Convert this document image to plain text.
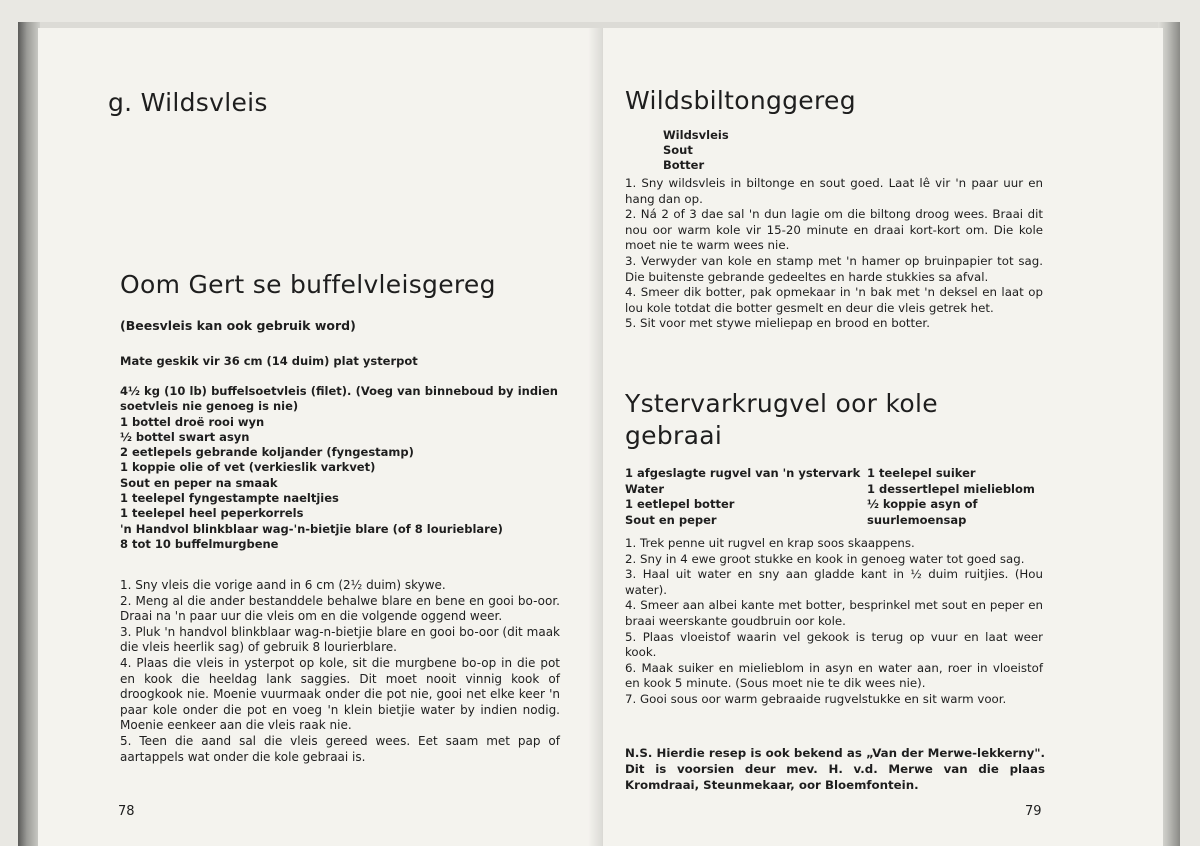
g. Wildsvleis
Oom Gert se buffelvleisgereg

(Beesvleis kan ook gebruik word)

Mate geskik vir 36 cm (14 duim) plat ysterpot

4½ kg (10 lb) buffelsoetvleis (filet). (Voeg van binneboud by indien soetvleis nie genoeg is nie)
1 bottel droë rooi wyn
½ bottel swart asyn
2 eetlepels gebrande koljander (fyngestamp)
1 koppie olie of vet (verkieslik varkvet)
Sout en peper na smaak
1 teelepel fyngestampte naeltjies
1 teelepel heel peperkorrels
'n Handvol blinkblaar wag-'n-bietjie blare (of 8 lourieblare)
8 tot 10 buffelmurgbene
1. Sny vleis die vorige aand in 6 cm (2½ duim) skywe.
2. Meng al die ander bestanddele behalwe blare en bene en gooi bo-oor. Draai na 'n paar uur die vleis om en die volgende oggend weer.
3. Pluk 'n handvol blinkblaar wag-n-bietjie blare en gooi bo-oor (dit maak die vleis heerlik sag) of gebruik 8 lourierblare.
4. Plaas die vleis in ysterpot op kole, sit die murgbene bo-op in die pot en kook die heeldag lank saggies. Dit moet nooit vinnig kook of droogkook nie. Moenie vuurmaak onder die pot nie, gooi net elke keer 'n paar kole onder die pot en voeg 'n klein bietjie water by indien nodig. Moenie eenkeer aan die vleis raak nie.
5. Teen die aand sal die vleis gereed wees. Eet saam met pap of aartappels wat onder die kole gebraai is.
78
Wildsbiltonggereg
Wildsvleis
Sout
Botter
1. Sny wildsvleis in biltonge en sout goed. Laat lê vir 'n paar uur en hang dan op.
2. Ná 2 of 3 dae sal 'n dun lagie om die biltong droog wees. Braai dit nou oor warm kole vir 15-20 minute en draai kort-kort om. Die kole moet nie te warm wees nie.
3. Verwyder van kole en stamp met 'n hamer op bruinpapier tot sag. Die buitenste gebrande gedeeltes en harde stukkies sa afval.
4. Smeer dik botter, pak opmekaar in 'n bak met 'n deksel en laat op lou kole totdat die botter gesmelt en deur die vleis getrek het.
5. Sit voor met stywe mieliepap en brood en botter.
Ystervarkrugvel oor kole
gebraai
1 afgeslagte rugvel van 'n ystervark
Water
1 eetlepel botter
Sout en peper
1 teelepel suiker
1 dessertlepel mielieblom
½ koppie asyn of
suurlemoensap
1. Trek penne uit rugvel en krap soos skaappens.
2. Sny in 4 ewe groot stukke en kook in genoeg water tot goed sag.
3. Haal uit water en sny aan gladde kant in ½ duim ruitjies. (Hou water).
4. Smeer aan albei kante met botter, besprinkel met sout en peper en braai weerskante goudbruin oor kole.
5. Plaas vloeistof waarin vel gekook is terug op vuur en laat weer kook.
6. Maak suiker en mielieblom in asyn en water aan, roer in vloeistof en kook 5 minute. (Sous moet nie te dik wees nie).
7. Gooi sous oor warm gebraaide rugvelstukke en sit warm voor.

N.S. Hierdie resep is ook bekend as „Van der Merwe-lekkerny". Dit is voorsien deur mev. H. v.d. Merwe van die plaas Kromdraai, Steunmekaar, oor Bloemfontein.

79
